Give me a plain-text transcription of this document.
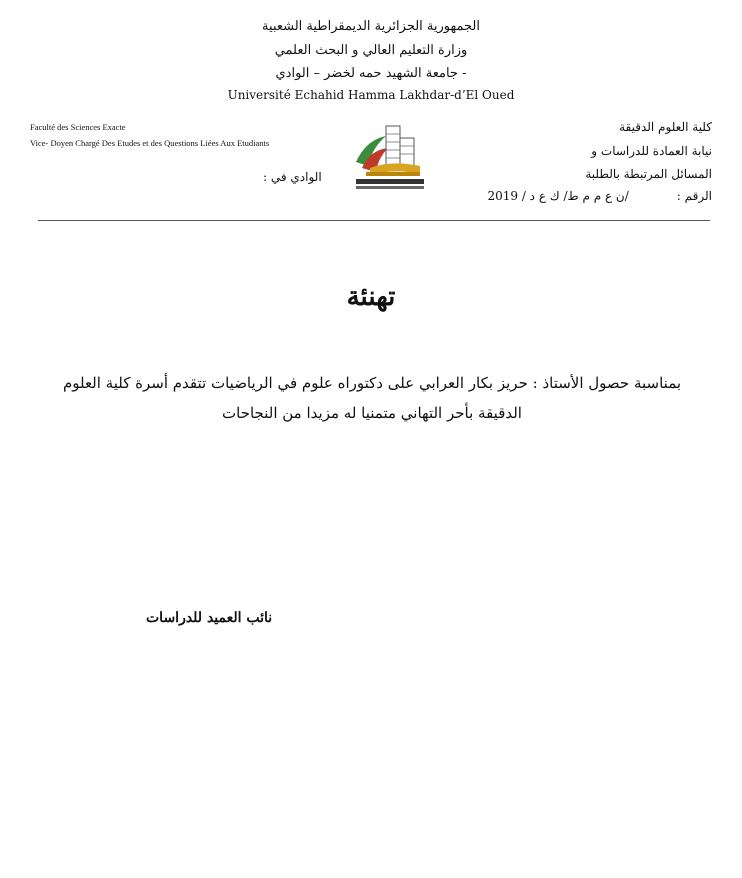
الجمهورية الجزائرية الديمقراطية الشعبية
وزارة التعليم العالي و البحث العلمي
جامعة الشهيد حمه لخضر – الوادي -
Université Echahid Hamma Lakhdar-d’El Oued
Faculté des Sciences Exacte
Vice- Doyen Chargé Des Etudes et des Questions Liées Aux Etudiants
الوادي في :
كلية العلوم الدقيقة
نيابة العمادة للدراسات و
المسائل المرتبطة بالطلبة
الرقم :/ن ع م م ط/ ك ع د / 2019
تهنئة
بمناسبة حصول الأستاذ : حريز بكار العرابي على دكتوراه علوم في الرياضيات تتقدم أسرة كلية العلوم الدقيقة بأحر التهاني متمنيا له مزيدا من النجاحات
نائب العميد للدراسات
